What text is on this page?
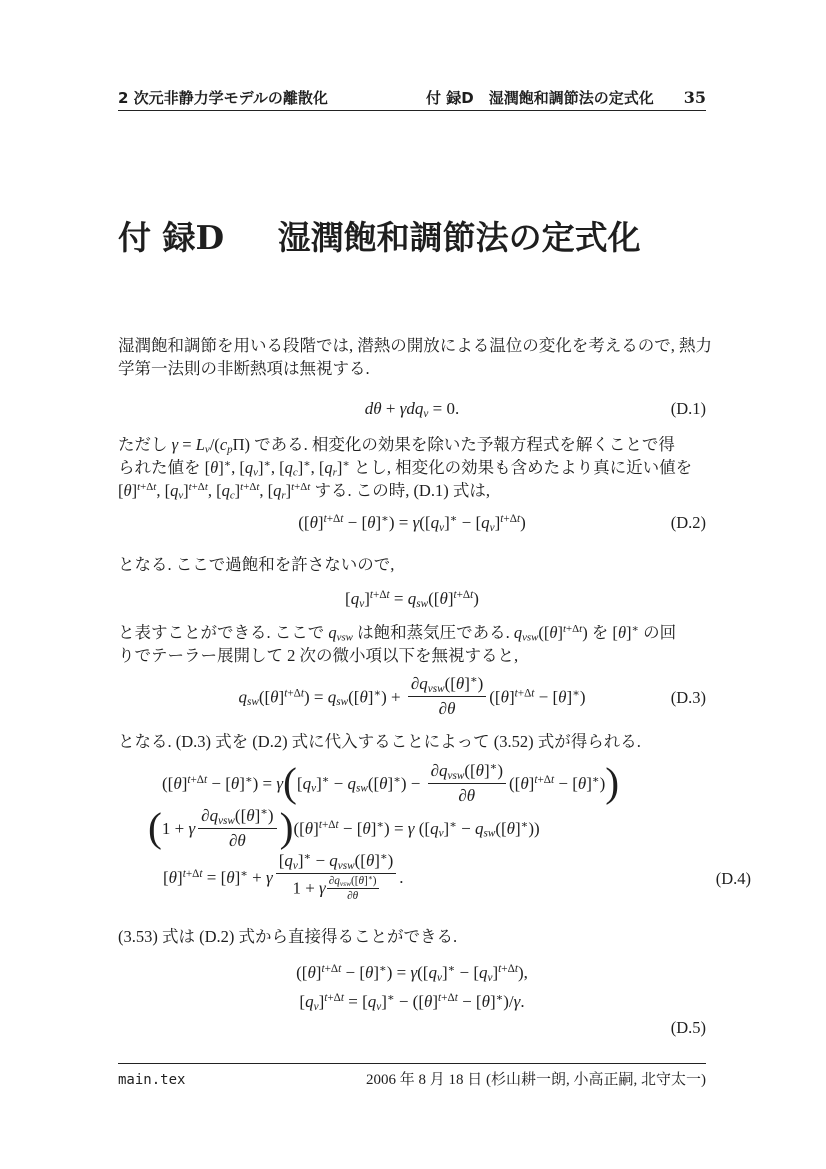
2 次元非静力学モデルの離散化	付 録D　湿潤飽和調節法の定式化 35
付 録D 湿潤飽和調節法の定式化
湿潤飽和調節を用いる段階では, 潜熱の開放による温位の変化を考えるので, 熱力
学第一法則の非断熱項は無視する.
dθ + γdq$_v$ = 0.	(D.1)
ただし $\gamma = L_v/(c_p\Pi)$ である. 相変化の効果を除いた予報方程式を解くことで得
られた値を [θ]∗, $[q_v]^∗$, $[q_c]^∗$, $[q_r]^∗$ とし, 相変化の効果も含めたより真に近い値を
$[\theta]^{t+\Delta t}$, $[q_v]^{t+\Delta t}$, $[q_c]^{t+\Delta t}$, $[q_r]^{t+\Delta t}$ する. この時, (D.1) 式は,
$([\theta]^{t+\Delta t} - [\theta]^∗) = \gamma([q_v]^∗ - [q_v]^{t+\Delta t})$	(D.2)
となる. ここで過飽和を許さないので,
$[q_v]^{t+\Delta t} = q_{sw}([\theta]^{t+\Delta t})$
と表すことができる. ここで $q_{vsw}$ は飽和蒸気圧である. $q_{vsw}([\theta]^{t+\Delta t})$ を [θ]∗ の回
りでテーラー展開して 2 次の微小項以下を無視すると,
$q_{sw}([\theta]^{t+\Delta t}) = q_{sw}([\theta]^∗) + \frac{\partial q_{vsw}([\theta]^∗)}{\partial\theta} ([\theta]^{t+\Delta t} - [\theta]^∗)$	(D.3)
となる. (D.3) 式を (D.2) 式に代入することによって (3.52) 式が得られる.
$([\theta]^{t+\Delta t} - [\theta]^∗) = \gamma([q_v]^∗ - q_{sw}([\theta]^∗) - \frac{\partial q_{vsw}([\theta]^∗)}{\partial\theta} ([\theta]^{t+\Delta t} - [\theta]^∗))$
(1 + γ $\frac{\partial q_{vsw}([\theta]^∗)}{\partial\theta} )([\theta]^{t+\Delta t} - [\theta]^∗) = \gamma$ $([q_v]^∗ - q_{sw}([\theta]^∗))$
$[\theta]^{t+\Delta t} = [\theta]^∗ + \gamma \frac{[q_v]^∗ - q_{vsw}([\theta]^∗)}{1 + \gamma \frac{\partial q_{vsw}([\theta]^∗)}{\partial\theta}}$ .	(D.4)
(3.53) 式は (D.2) 式から直接得ることができる.
$([\theta]^{t+\Delta t} - [\theta]^∗) = \gamma([q_v]^∗ - [q_v]^{t+\Delta t})$,
$[q_v]^{t+\Delta t} = [q_v]^∗ - ([\theta]^{t+\Delta t} - [\theta]^∗)/\gamma$.
(D.5)
main.tex	2006 年 8 月 18 日 (杉山耕一朗, 小高正嗣, 北守太一)
